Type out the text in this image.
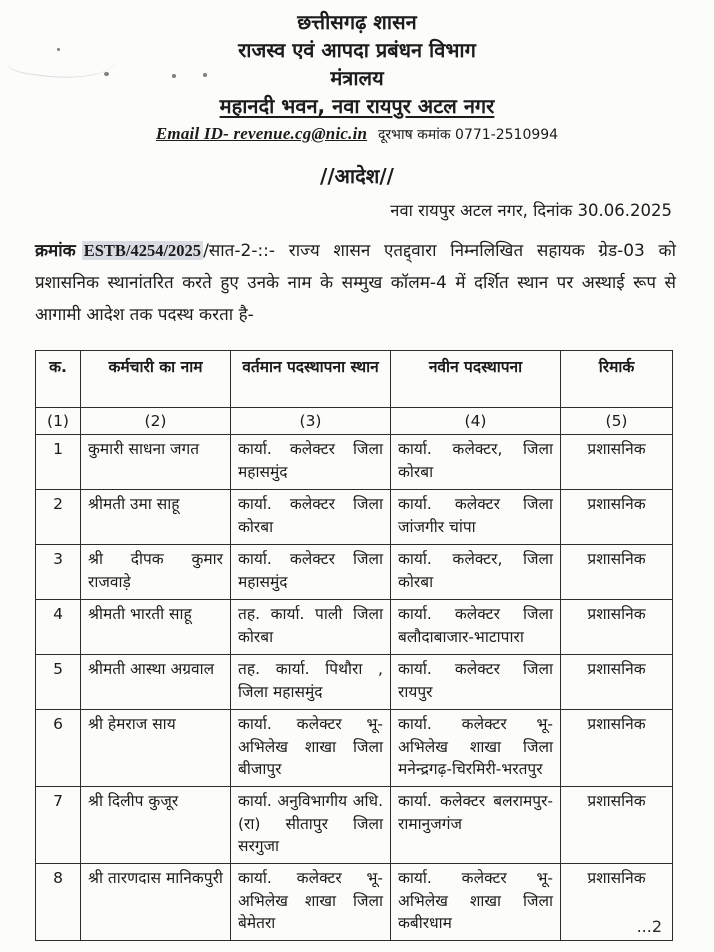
छत्तीसगढ़ शासन
राजस्व एवं आपदा प्रबंधन विभाग
मंत्रालय
महानदी भवन, नवा रायपुर अटल नगर
Email ID- revenue.cg@nic.in दूरभाष कमांक 0771-2510994
//आदेश//
नवा रायपुर अटल नगर, दिनांक 30.06.2025

क्रमांक ESTB/4254/2025 /सात-2-::- राज्य शासन एतद्द्वारा निम्नलिखित सहायक ग्रेड-03 को प्रशासनिक स्थानांतरित करते हुए उनके नाम के सम्मुख कॉलम-4 में दर्शित स्थान पर अस्थाई रूप से आगामी आदेश तक पदस्थ करता है-

क.	कर्मचारी का नाम	वर्तमान पदस्थापना स्थान	नवीन पदस्थापना	रिमार्क
(1)	(2)	(3)	(4)	(5)
1	कुमारी साधना जगत	कार्या. कलेक्टर जिला महासमुंद	कार्या. कलेक्टर, जिला कोरबा	प्रशासनिक
2	श्रीमती उमा साहू	कार्या. कलेक्टर जिला कोरबा	कार्या. कलेक्टर जिला जांजगीर चांपा	प्रशासनिक
3	श्री दीपक कुमार राजवाड़े	कार्या. कलेक्टर जिला महासमुंद	कार्या. कलेक्टर, जिला कोरबा	प्रशासनिक
4	श्रीमती भारती साहू	तह. कार्या. पाली जिला कोरबा	कार्या. कलेक्टर जिला बलौदाबाजार-भाटापारा	प्रशासनिक
5	श्रीमती आस्था अग्रवाल	तह. कार्या. पिथौरा , जिला महासमुंद	कार्या. कलेक्टर जिला रायपुर	प्रशासनिक
6	श्री हेमराज साय	कार्या. कलेक्टर भू-अभिलेख शाखा जिला बीजापुर	कार्या. कलेक्टर भू-अभिलेख शाखा जिला मनेन्द्रगढ़-चिरमिरी-भरतपुर	प्रशासनिक
7	श्री दिलीप कुजूर	कार्या. अनुविभागीय अधि. (रा) सीतापुर जिला सरगुजा	कार्या. कलेक्टर बलरामपुर-रामानुजगंज	प्रशासनिक
8	श्री तारणदास मानिकपुरी	कार्या. कलेक्टर भू-अभिलेख शाखा जिला बेमेतरा	कार्या. कलेक्टर भू-अभिलेख शाखा जिला कबीरधाम	प्रशासनिक
...2
